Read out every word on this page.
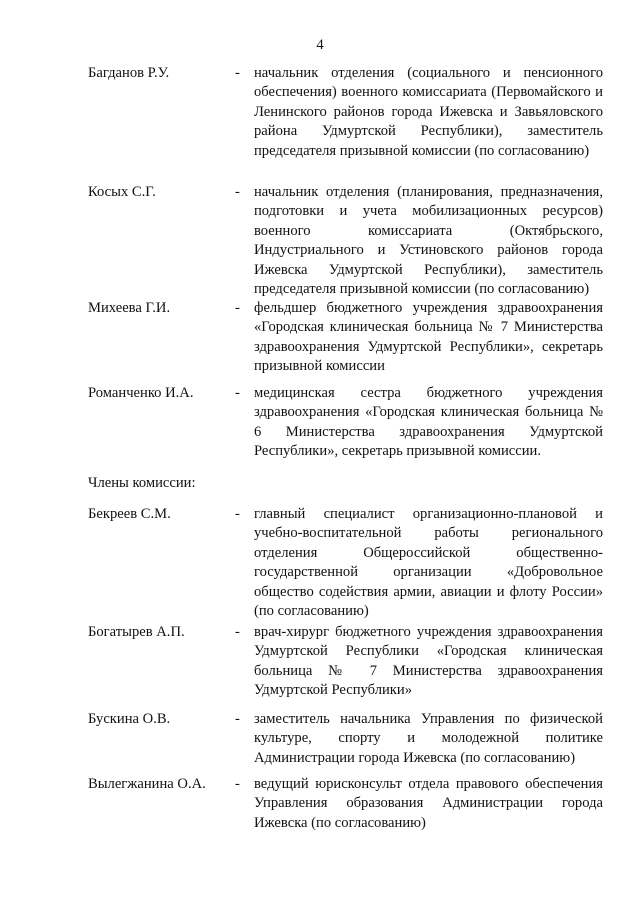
4
Багданов Р.У.	- начальник отделения (социального и пенсионного обеспечения) военного комиссариата (Первомайского и Ленинского районов города Ижевска и Завьяловского района Удмуртской Республики), заместитель председателя призывной комиссии (по согласованию)
Косых С.Г.	- начальник отделения (планирования, предназначения, подготовки и учета мобилизационных ресурсов) военного комиссариата (Октябрьского, Индустриального и Устиновского районов города Ижевска Удмуртской Республики), заместитель председателя призывной комиссии (по согласованию)
Михеева Г.И.	- фельдшер бюджетного учреждения здравоохранения «Городская клиническая больница № 7 Министерства здравоохранения Удмуртской Республики», секретарь призывной комиссии
Романченко И.А.	- медицинская сестра бюджетного учреждения здравоохранения «Городская клиническая больница № 6 Министерства здравоохранения Удмуртской Республики», секретарь призывной комиссии.
Члены комиссии:
Бекреев С.М.	- главный специалист организационно-плановой и учебно-воспитательной работы регионального отделения Общероссийской общественно-государственной организации «Добровольное общество содействия армии, авиации и флоту России» (по согласованию)
Богатырев А.П.	- врач-хирург бюджетного учреждения здравоохранения Удмуртской Республики «Городская клиническая больница № 7 Министерства здравоохранения Удмуртской Республики»
Бускина О.В.	- заместитель начальника Управления по физической культуре, спорту и молодежной политике Администрации города Ижевска (по согласованию)
Вылегжанина О.А.	- ведущий юрисконсульт отдела правового обеспечения Управления образования Администрации города Ижевска (по согласованию)
